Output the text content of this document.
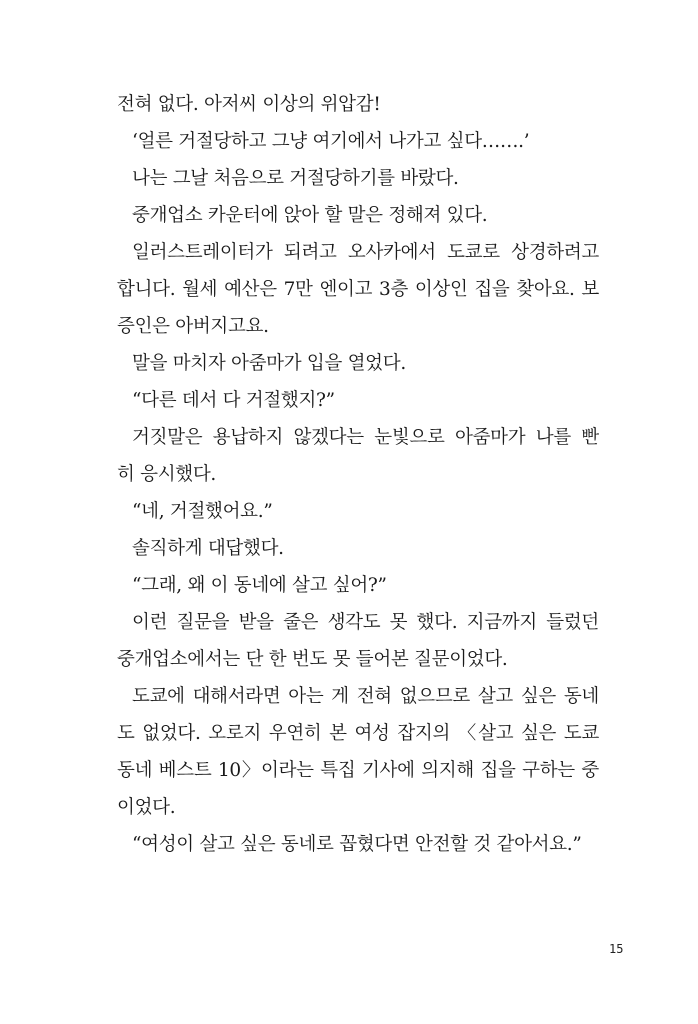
전혀 없다. 아저씨 이상의 위압감!
‘얼른 거절당하고 그냥 여기에서 나가고 싶다…….’
나는 그날 처음으로 거절당하기를 바랐다.
중개업소 카운터에 앉아 할 말은 정해져 있다.
일러스트레이터가 되려고 오사카에서 도쿄로 상경하려고
합니다. 월세 예산은 7만 엔이고 3층 이상인 집을 찾아요. 보
증인은 아버지고요.
말을 마치자 아줌마가 입을 열었다.
“다른 데서 다 거절했지?”
거짓말은 용납하지 않겠다는 눈빛으로 아줌마가 나를 빤
히 응시했다.
“네, 거절했어요.”
솔직하게 대답했다.
“그래, 왜 이 동네에 살고 싶어?”
이런 질문을 받을 줄은 생각도 못 했다. 지금까지 들렀던
중개업소에서는 단 한 번도 못 들어본 질문이었다.
도쿄에 대해서라면 아는 게 전혀 없으므로 살고 싶은 동네
도 없었다. 오로지 우연히 본 여성 잡지의 〈살고 싶은 도쿄
동네 베스트 10〉이라는 특집 기사에 의지해 집을 구하는 중
이었다.
“여성이 살고 싶은 동네로 꼽혔다면 안전할 것 같아서요.”
15
